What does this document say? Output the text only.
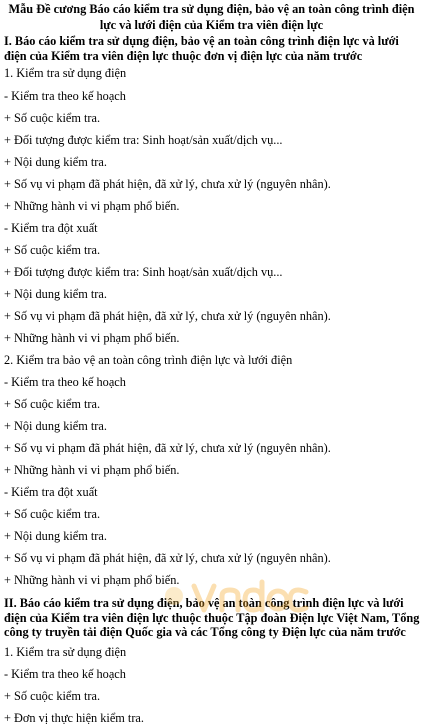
Mẫu Đề cương Báo cáo kiểm tra sử dụng điện, bảo vệ an toàn công trình điện lực và lưới điện của Kiểm tra viên điện lực
I. Báo cáo kiểm tra sử dụng điện, bảo vệ an toàn công trình điện lực và lưới điện của Kiểm tra viên điện lực thuộc đơn vị điện lực của năm trước
1. Kiểm tra sử dụng điện
- Kiểm tra theo kế hoạch
+ Số cuộc kiểm tra.
+ Đối tượng được kiểm tra: Sinh hoạt/sản xuất/dịch vụ...
+ Nội dung kiểm tra.
+ Số vụ vi phạm đã phát hiện, đã xử lý, chưa xử lý (nguyên nhân).
+ Những hành vi vi phạm phổ biến.
- Kiểm tra đột xuất
+ Số cuộc kiểm tra.
+ Đối tượng được kiểm tra: Sinh hoạt/sản xuất/dịch vụ...
+ Nội dung kiểm tra.
+ Số vụ vi phạm đã phát hiện, đã xử lý, chưa xử lý (nguyên nhân).
+ Những hành vi vi phạm phổ biến.
2. Kiểm tra bảo vệ an toàn công trình điện lực và lưới điện
- Kiểm tra theo kế hoạch
+ Số cuộc kiểm tra.
+ Nội dung kiểm tra.
+ Số vụ vi phạm đã phát hiện, đã xử lý, chưa xử lý (nguyên nhân).
+ Những hành vi vi phạm phổ biến.
- Kiểm tra đột xuất
+ Số cuộc kiểm tra.
+ Nội dung kiểm tra.
+ Số vụ vi phạm đã phát hiện, đã xử lý, chưa xử lý (nguyên nhân).
+ Những hành vi vi phạm phổ biến.
II. Báo cáo kiểm tra sử dụng điện, bảo vệ an toàn công trình điện lực và lưới điện của Kiểm tra viên điện lực thuộc thuộc Tập đoàn Điện lực Việt Nam, Tổng công ty truyền tải điện Quốc gia và các Tổng công ty Điện lực của năm trước
1. Kiểm tra sử dụng điện
- Kiểm tra theo kế hoạch
+ Số cuộc kiểm tra.
+ Đơn vị thực hiện kiểm tra.
